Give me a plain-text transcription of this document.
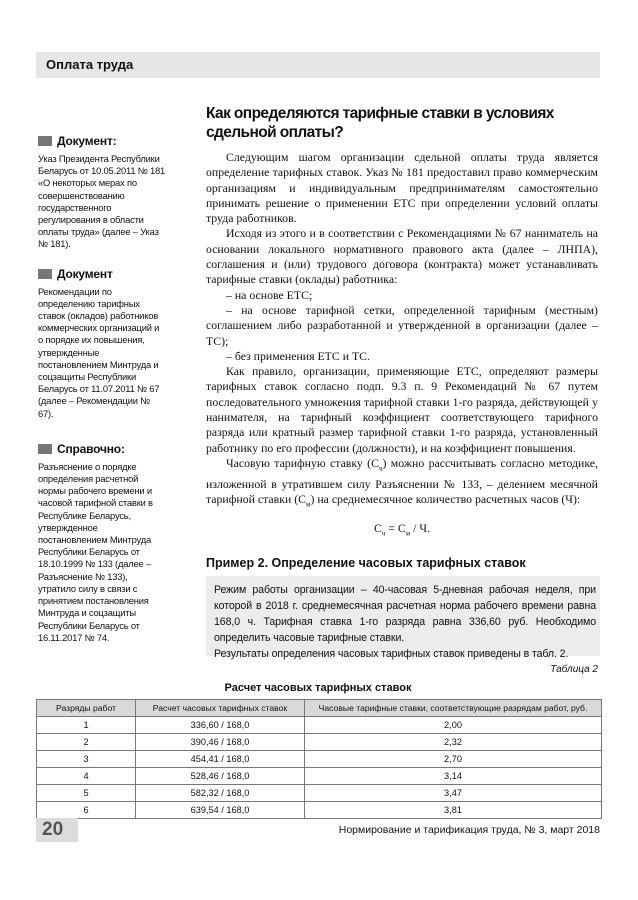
Оплата труда
Документ:
Указ Президента Республики Беларусь от 10.05.2011 № 181 «О некоторых мерах по совершенствованию государственного регулирования в области оплаты труда» (далее – Указ № 181).
Документ
Рекомендации по определению тарифных ставок (окладов) работников коммерческих организаций и о порядке их повышения, утвержденные постановлением Минтруда и соцзащиты Республики Беларусь от 11.07.2011 № 67 (далее – Рекомендации № 67).
Справочно:
Разъяснение о порядке определения расчетной нормы рабочего времени и часовой тарифной ставки в Республике Беларусь, утвержденное постановлением Минтруда Республики Беларусь от 18.10.1999 № 133 (далее – Разъяснение № 133), утратило силу в связи с принятием постановления Минтруда и соцзащиты Республики Беларусь от 16.11.2017 № 74.
Как определяются тарифные ставки в условиях сдельной оплаты?

Следующим шагом организации сдельной оплаты труда является определение тарифных ставок. Указ № 181 предоставил право коммерческим организациям и индивидуальным предпринимателям самостоятельно принимать решение о применении ЕТС при определении условий оплаты труда работников.

Исходя из этого и в соответствии с Рекомендациями № 67 наниматель на основании локального нормативного правового акта (далее – ЛНПА), соглашения и (или) трудового договора (контракта) может устанавливать тарифные ставки (оклады) работника:

– на основе ЕТС;

– на основе тарифной сетки, определенной тарифным (местным) соглашением либо разработанной и утвержденной в организации (далее – ТС);

– без применения ЕТС и ТС.

Как правило, организации, применяющие ЕТС, определяют размеры тарифных ставок согласно подп. 9.3 п. 9 Рекомендаций № 67 путем последовательного умножения тарифной ставки 1-го разряда, действующей у нанимателя, на тарифный коэффициент соответствующего тарифного разряда или кратный размер тарифной ставки 1-го разряда, установленный работнику по его профессии (должности), и на коэффициент повышения.

Часовую тарифную ставку $(С_ч)$ можно рассчитывать согласно методике, изложенной в утратившем силу Разъяснении № 133, – делением месячной тарифной ставки $(С_м)$ на среднемесячное количество расчетных часов (Ч):

$С_ч = С_м / Ч$.
Пример 2. Определение часовых тарифных ставок
Режим работы организации – 40-часовая 5-дневная рабочая неделя, при которой в 2018 г. среднемесячная расчетная норма рабочего времени равна 168,0 ч. Тарифная ставка 1-го разряда равна 336,60 руб. Необходимо определить часовые тарифные ставки.
Результаты определения часовых тарифных ставок приведены в табл. 2.
Таблица 2
Расчет часовых тарифных ставок
Разряды работ	Расчет часовых тарифных ставок	Часовые тарифные ставки, соответствующие разрядам работ, руб.
1	336,60 / 168,0	2,00
2	390,46 / 168,0	2,32
3	454,41 / 168,0	2,70
4	528,46 / 168,0	3,14
5	582,32 / 168,0	3,47
6	639,54 / 168,0	3,81
20	Нормирование и тарификация труда, № 3, март 2018
